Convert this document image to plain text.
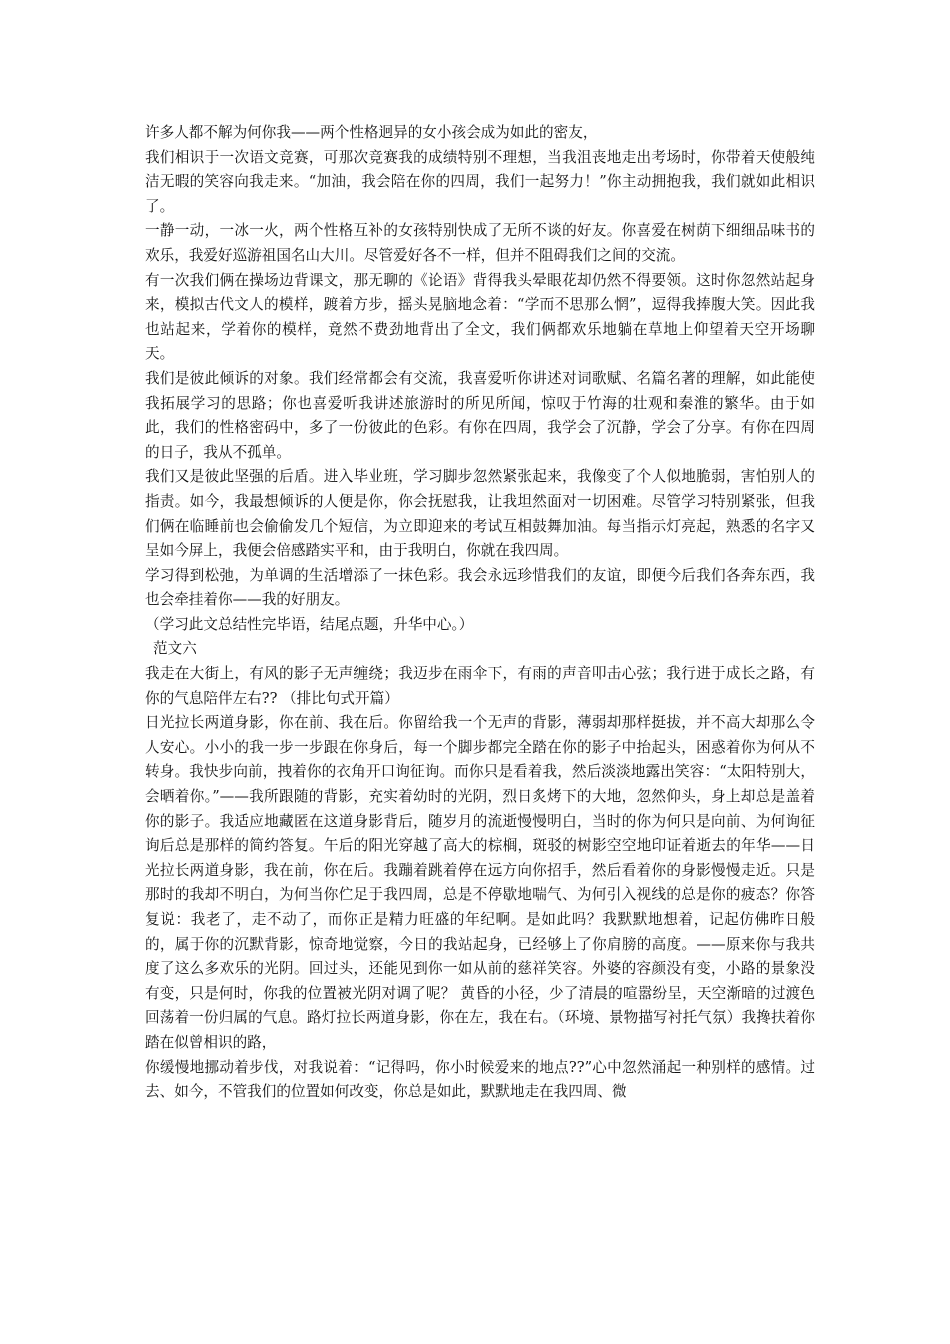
许多人都不解为何你我——两个性格迥异的女小孩会成为如此的密友，

我们相识于一次语文竞赛，可那次竞赛我的成绩特别不理想，当我沮丧地走出考场时，你带着天使般纯洁无暇的笑容向我走来。“加油，我会陪在你的四周，我们一起努力！”你主动拥抱我，我们就如此相识了。

一静一动，一冰一火，两个性格互补的女孩特别快成了无所不谈的好友。你喜爱在树荫下细细品味书的欢乐，我爱好巡游祖国名山大川。尽管爱好各不一样，但并不阻碍我们之间的交流。

有一次我们俩在操场边背课文，那无聊的《论语》背得我头晕眼花却仍然不得要领。这时你忽然站起身来，模拟古代文人的模样，踱着方步，摇头晃脑地念着：“学而不思那么惘”，逗得我捧腹大笑。因此我也站起来，学着你的模样，竟然不费劲地背出了全文，我们俩都欢乐地躺在草地上仰望着天空开场聊天。

我们是彼此倾诉的对象。我们经常都会有交流，我喜爱听你讲述对词歌赋、名篇名著的理解，如此能使我拓展学习的思路；你也喜爱听我讲述旅游时的所见所闻，惊叹于竹海的壮观和秦淮的繁华。由于如此，我们的性格密码中，多了一份彼此的色彩。有你在四周，我学会了沉静，学会了分享。有你在四周的日子，我从不孤单。

我们又是彼此坚强的后盾。进入毕业班，学习脚步忽然紧张起来，我像变了个人似地脆弱，害怕别人的指责。如今，我最想倾诉的人便是你，你会抚慰我，让我坦然面对一切困难。尽管学习特别紧张，但我们俩在临睡前也会偷偷发几个短信，为立即迎来的考试互相鼓舞加油。每当指示灯亮起，熟悉的名字又呈如今屏上，我便会倍感踏实平和，由于我明白，你就在我四周。

学习得到松弛，为单调的生活增添了一抹色彩。我会永远珍惜我们的友谊，即便今后我们各奔东西，我也会牵挂着你——我的好朋友。

（学习此文总结性完毕语，结尾点题，升华中心。）

范文六

我走在大街上，有风的影子无声缠绕；我迈步在雨伞下，有雨的声音叩击心弦；我行进于成长之路，有你的气息陪伴左右?? （排比句式开篇）

日光拉长两道身影，你在前、我在后。你留给我一个无声的背影，薄弱却那样挺拔，并不高大却那么令人安心。小小的我一步一步跟在你身后，每一个脚步都完全踏在你的影子中抬起头，困惑着你为何从不转身。我快步向前，拽着你的衣角开口询征询。而你只是看着我，然后淡淡地露出笑容：“太阳特别大，会晒着你。”——我所跟随的背影，充实着幼时的光阴，烈日炙烤下的大地，忽然仰头，身上却总是盖着你的影子。我适应地藏匿在这道身影背后，随岁月的流逝慢慢明白，当时的你为何只是向前、为何询征询后总是那样的简约答复。午后的阳光穿越了高大的棕榈，斑驳的树影空空地印证着逝去的年华——日光拉长两道身影，我在前，你在后。我蹦着跳着停在远方向你招手，然后看着你的身影慢慢走近。只是那时的我却不明白，为何当你伫足于我四周，总是不停歇地喘气、为何引入视线的总是你的疲态？你答复说：我老了，走不动了，而你正是精力旺盛的年纪啊。是如此吗？我默默地想着，记起仿佛昨日般的，属于你的沉默背影，惊奇地觉察，今日的我站起身，已经够上了你肩膀的高度。——原来你与我共度了这么多欢乐的光阴。回过头，还能见到你一如从前的慈祥笑容。外婆的容颜没有变，小路的景象没有变，只是何时，你我的位置被光阴对调了呢？ 黄昏的小径，少了清晨的喧嚣纷呈，天空渐暗的过渡色回荡着一份归属的气息。路灯拉长两道身影，你在左，我在右。（环境、景物描写衬托气氛）我搀扶着你踏在似曾相识的路，

你缓慢地挪动着步伐，对我说着：“记得吗，你小时候爱来的地点??”心中忽然涌起一种别样的感情。过去、如今，不管我们的位置如何改变，你总是如此，默默地走在我四周、微
